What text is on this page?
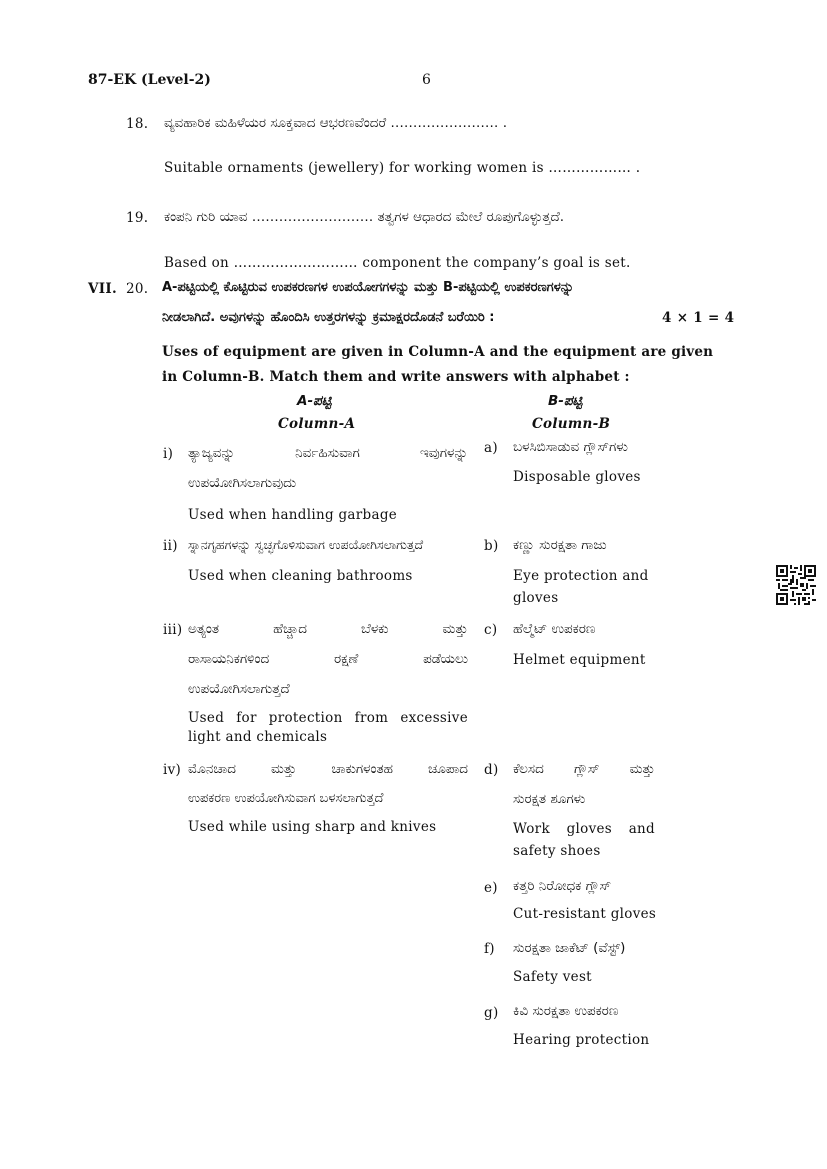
87-EK (Level-2)	6
18. ವ್ಯವಹಾರಿಕ ಮಹಿಳೆಯರ ಸೂಕ್ತವಾದ ಆಭರಣವೆಂದರೆ …………………… .
Suitable ornaments (jewellery) for working women is ……………… .
19. ಕಂಪನಿ ಗುರಿ ಯಾವ ……………………… ತತ್ವಗಳ ಆಧಾರದ ಮೇಲೆ ರೂಪುಗೊಳ್ಳುತ್ತದೆ.
Based on ……………………… component the company’s goal is set.
VII. 20. A-ಪಟ್ಟಿಯಲ್ಲಿ ಕೊಟ್ಟಿರುವ ಉಪಕರಣಗಳ ಉಪಯೋಗಗಳನ್ನು ಮತ್ತು B-ಪಟ್ಟಿಯಲ್ಲಿ ಉಪಕರಣಗಳನ್ನು
ನೀಡಲಾಗಿದೆ. ಅವುಗಳನ್ನು ಹೊಂದಿಸಿ ಉತ್ತರಗಳನ್ನು ಕ್ರಮಾಕ್ಷರದೊಡನೆ ಬರೆಯಿರಿ :	4 × 1 = 4
Uses of equipment are given in Column-A and the equipment are given
in Column-B. Match them and write answers with alphabet :
A-ಪಟ್ಟಿ
Column-A
B-ಪಟ್ಟಿ
Column-B
i) ತ್ಯಾಜ್ಯವನ್ನು ನಿರ್ವಹಿಸುವಾಗ ಇವುಗಳನ್ನು
ಉಪಯೋಗಿಸಲಾಗುವುದು
Used when handling garbage
ii) ಸ್ನಾನಗೃಹಗಳನ್ನು ಸ್ವಚ್ಛಗೊಳಿಸುವಾಗ ಉಪಯೋಗಿಸಲಾಗುತ್ತದೆ
Used when cleaning bathrooms
iii) ಅತ್ಯಂತ ಹೆಚ್ಚಾದ ಬೆಳಕು ಮತ್ತು
ರಾಸಾಯನಿಕಗಳಿಂದ ರಕ್ಷಣೆ ಪಡೆಯಲು
ಉಪಯೋಗಿಸಲಾಗುತ್ತದೆ
Used for protection from excessive
light and chemicals
iv) ಮೊನಚಾದ ಮತ್ತು ಚಾಕುಗಳಂತಹ ಚೂಪಾದ
ಉಪಕರಣ ಉಪಯೋಗಿಸುವಾಗ ಬಳಸಲಾಗುತ್ತದೆ
Used while using sharp and knives
a) ಬಳಸಿಬಿಸಾಡುವ ಗ್ಲೌಸ್‌ಗಳು
Disposable gloves
b) ಕಣ್ಣು ಸುರಕ್ಷತಾ ಗಾಜು
Eye protection and
gloves
c) ಹೆಲ್ಮೆಟ್ ಉಪಕರಣ
Helmet equipment
d) ಕೆಲಸದ ಗ್ಲೌಸ್ ಮತ್ತು
ಸುರಕ್ಷತ ಶೂಗಳು
Work gloves and
safety shoes
e) ಕತ್ತರಿ ನಿರೋಧಕ ಗ್ಲೌಸ್
Cut-resistant gloves
f) ಸುರಕ್ಷತಾ ಜಾಕೆಟ್ (ವೆಸ್ಟ್)
Safety vest
g) ಕಿವಿ ಸುರಕ್ಷತಾ ಉಪಕರಣ
Hearing protection
